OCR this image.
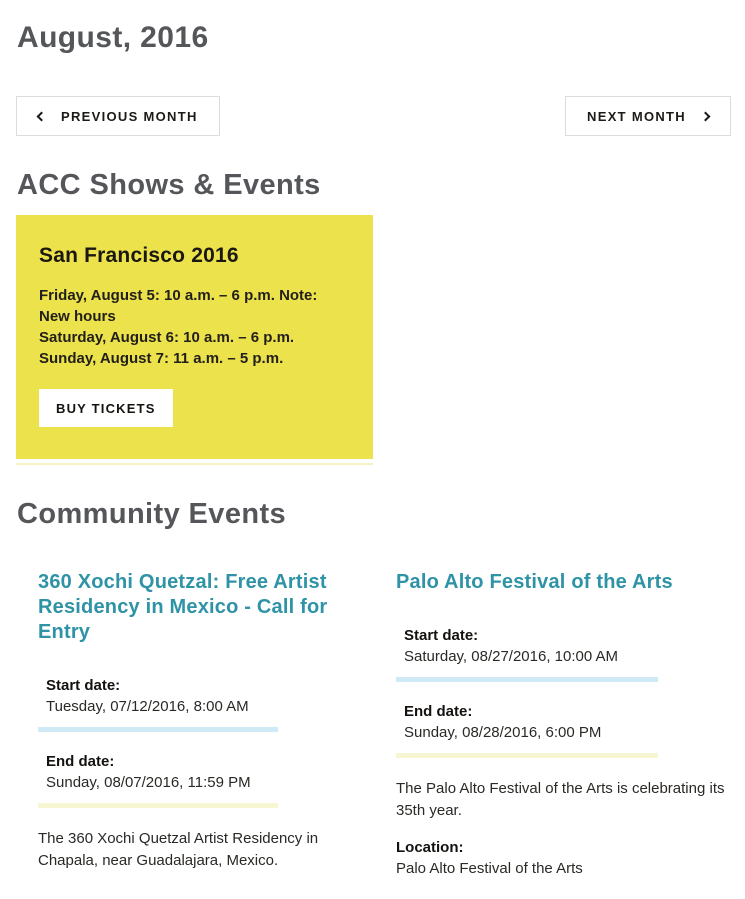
August, 2016
PREVIOUS MONTH	NEXT MONTH
ACC Shows & Events
San Francisco 2016

Friday, August 5: 10 a.m. – 6 p.m. Note: New hours

Saturday, August 6: 10 a.m. – 6 p.m.

Sunday, August 7: 11 a.m. – 5 p.m.

BUY TICKETS
Community Events
360 Xochi Quetzal: Free Artist Residency in Mexico - Call for Entry
Start date:
Tuesday, 07/12/2016, 8:00 AM
End date:
Sunday, 08/07/2016, 11:59 PM

The 360 Xochi Quetzal Artist Residency in Chapala, near Guadalajara, Mexico.

Palo Alto Festival of the Arts
Start date:
Saturday, 08/27/2016, 10:00 AM
End date:
Sunday, 08/28/2016, 6:00 PM

The Palo Alto Festival of the Arts is celebrating its 35th year.

Location:
Palo Alto Festival of the Arts
